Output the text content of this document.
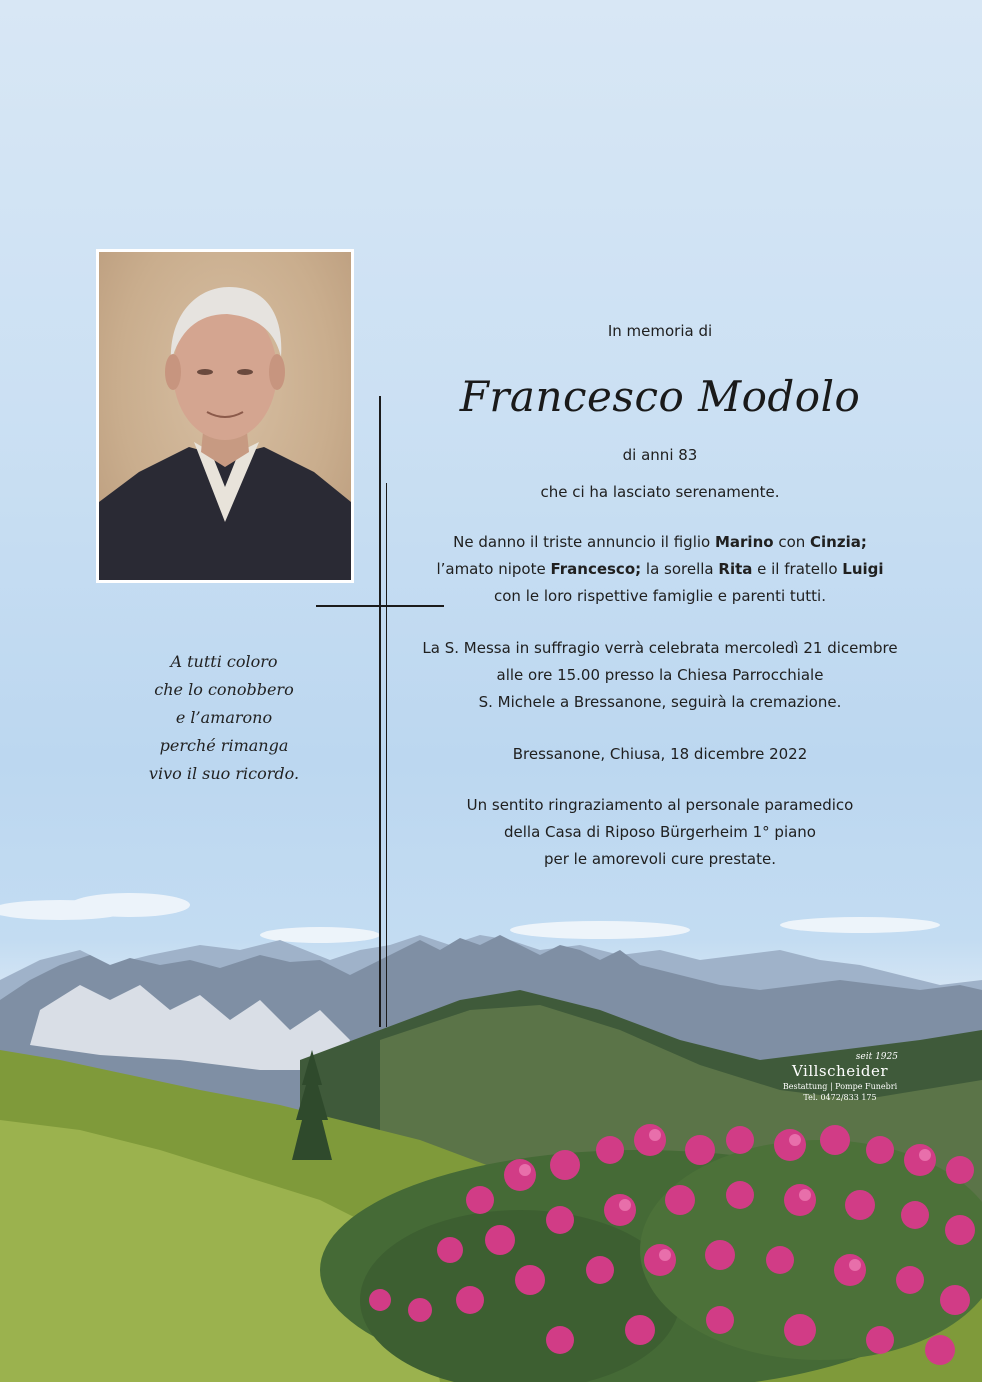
A tutti coloro
che lo conobbero
e l’amarono
perché rimanga
vivo il suo ricordo.
In memoria di
Francesco Modolo
di anni 83
che ci ha lasciato serenamente.
Ne danno il triste annuncio il figlio Marino con Cinzia;
l’amato nipote Francesco; la sorella Rita e il fratello Luigi
con le loro rispettive famiglie e parenti tutti.
La S. Messa in suffragio verrà celebrata mercoledì 21 dicembre
alle ore 15.00 presso la Chiesa Parrocchiale
S. Michele a Bressanone, seguirà la cremazione.
Bressanone, Chiusa, 18 dicembre 2022
Un sentito ringraziamento al personale paramedico
della Casa di Riposo Bürgerheim 1° piano
per le amorevoli cure prestate.
seit 1925
Villscheider
Bestattung | Pompe Funebri
Tel. 0472/833 175
